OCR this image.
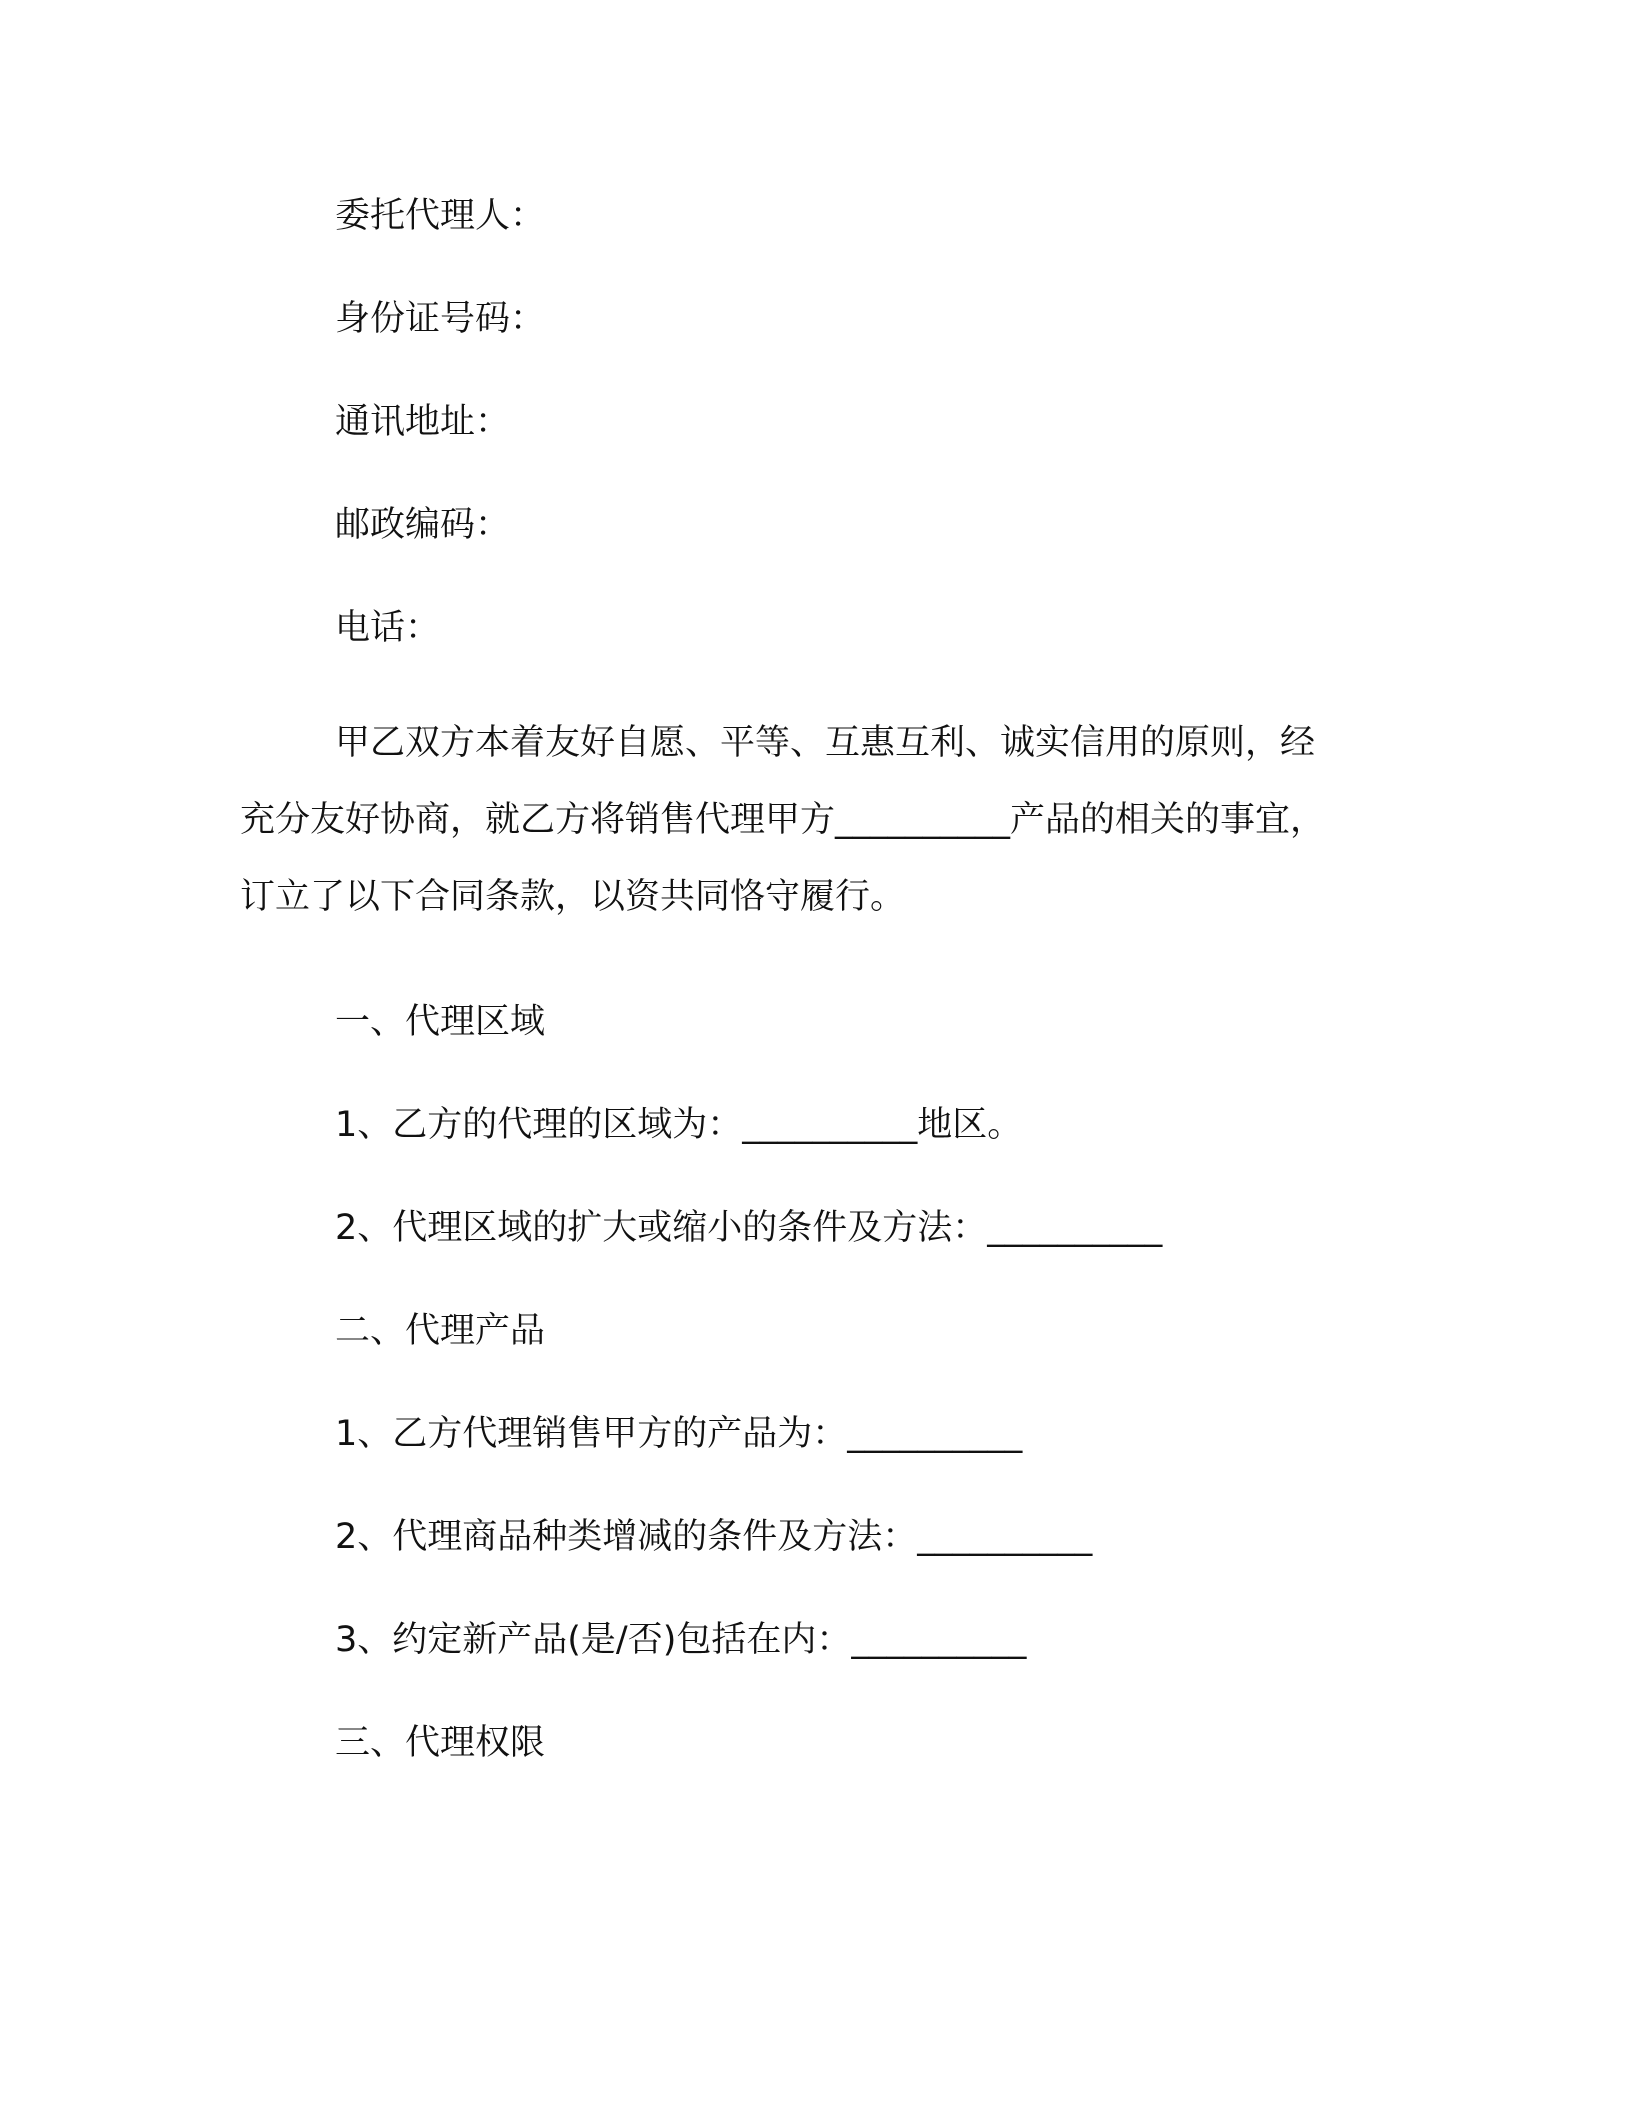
委托代理人：

身份证号码：

通讯地址：

邮政编码：

电话：

甲乙双方本着友好自愿、平等、互惠互利、诚实信用的原则，经

充分友好协商，就乙方将销售代理甲方__________产品的相关的事宜，

订立了以下合同条款，以资共同恪守履行。

一、代理区域

1、乙方的代理的区域为：__________地区。

2、代理区域的扩大或缩小的条件及方法：__________

二、代理产品

1、乙方代理销售甲方的产品为：__________

2、代理商品种类增减的条件及方法：__________

3、约定新产品(是/否)包括在内：__________

三、代理权限
